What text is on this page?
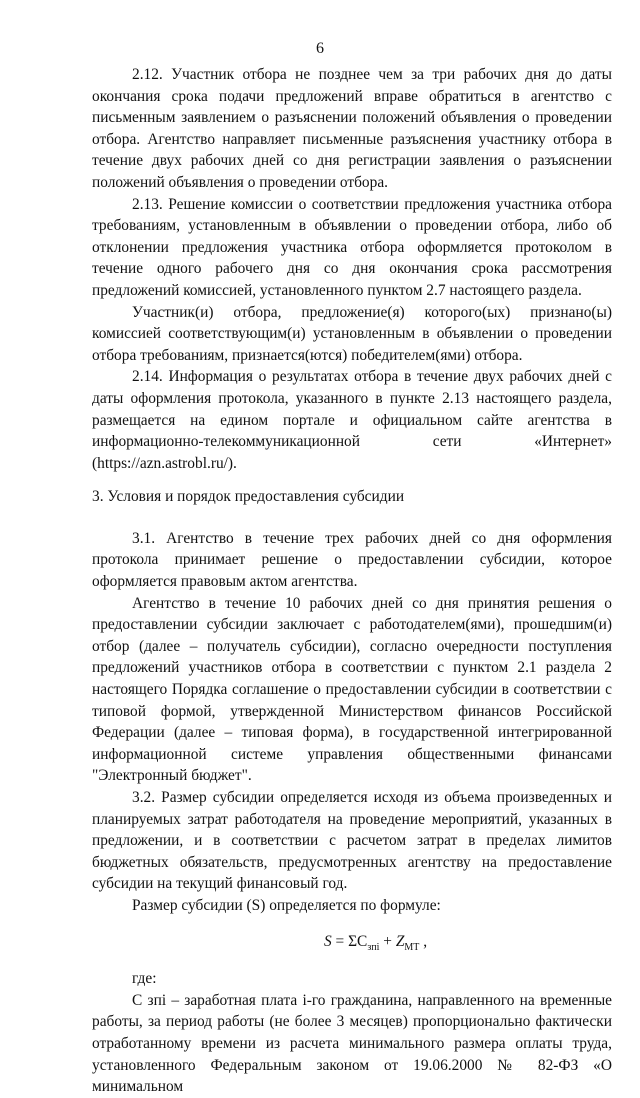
6

2.12. Участник отбора не позднее чем за три рабочих дня до даты окончания срока подачи предложений вправе обратиться в агентство с письменным заявлением о разъяснении положений объявления о проведении отбора. Агентство направляет письменные разъяснения участнику отбора в течение двух рабочих дней со дня регистрации заявления о разъяснении положений объявления о проведении отбора.

2.13. Решение комиссии о соответствии предложения участника отбора требованиям, установленным в объявлении о проведении отбора, либо об отклонении предложения участника отбора оформляется протоколом в течение одного рабочего дня со дня окончания срока рассмотрения предложений комиссией, установленного пунктом 2.7 настоящего раздела.

Участник(и) отбора, предложение(я) которого(ых) признано(ы) комиссией соответствующим(и) установленным в объявлении о проведении отбора требованиям, признается(ются) победителем(ями) отбора.

2.14. Информация о результатах отбора в течение двух рабочих дней с даты оформления протокола, указанного в пункте 2.13 настоящего раздела, размещается на едином портале и официальном сайте агентства в информационно-телекоммуникационной сети «Интернет» (https://azn.astrobl.ru/).

3. Условия и порядок предоставления субсидии

3.1. Агентство в течение трех рабочих дней со дня оформления протокола принимает решение о предоставлении субсидии, которое оформляется правовым актом агентства.

Агентство в течение 10 рабочих дней со дня принятия решения о предоставлении субсидии заключает с работодателем(ями), прошедшим(и) отбор (далее – получатель субсидии), согласно очередности поступления предложений участников отбора в соответствии с пунктом 2.1 раздела 2 настоящего Порядка соглашение о предоставлении субсидии в соответствии с типовой формой, утвержденной Министерством финансов Российской Федерации (далее – типовая форма), в государственной интегрированной информационной системе управления общественными финансами "Электронный бюджет".

3.2. Размер субсидии определяется исходя из объема произведенных и планируемых затрат работодателя на проведение мероприятий, указанных в предложении, и в соответствии с расчетом затрат в пределах лимитов бюджетных обязательств, предусмотренных агентству на предоставление субсидии на текущий финансовый год.

Размер субсидии (S) определяется по формуле:

$S = \Sigma C_{зпi} + Z_{MT}$ ,

где:

С зпi – заработная плата i-го гражданина, направленного на временные работы, за период работы (не более 3 месяцев) пропорционально фактически отработанному времени из расчета минимального размера оплаты труда, установленного Федеральным законом от 19.06.2000 № 82-ФЗ «О минимальном
